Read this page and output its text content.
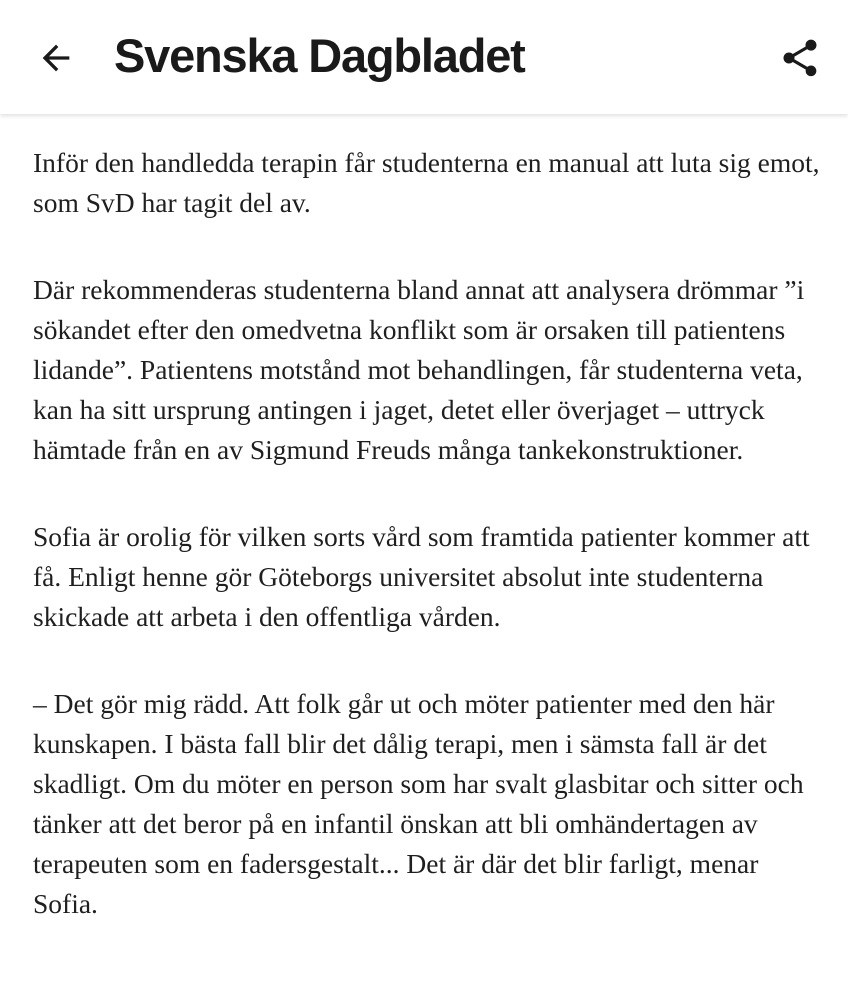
Svenska Dagbladet

Inför den handledda terapin får studenterna en manual att luta sig emot, som SvD har tagit del av.

Där rekommenderas studenterna bland annat att analysera drömmar ”i sökandet efter den omedvetna konflikt som är orsaken till patientens lidande”. Patientens motstånd mot behandlingen, får studenterna veta, kan ha sitt ursprung antingen i jaget, detet eller överjaget – uttryck hämtade från en av Sigmund Freuds många tankekonstruktioner.

Sofia är orolig för vilken sorts vård som framtida patienter kommer att få. Enligt henne gör Göteborgs universitet absolut inte studenterna skickade att arbeta i den offentliga vården.

– Det gör mig rädd. Att folk går ut och möter patienter med den här kunskapen. I bästa fall blir det dålig terapi, men i sämsta fall är det skadligt. Om du möter en person som har svalt glasbitar och sitter och tänker att det beror på en infantil önskan att bli omhändertagen av terapeuten som en fadersgestalt... Det är där det blir farligt, menar Sofia.
